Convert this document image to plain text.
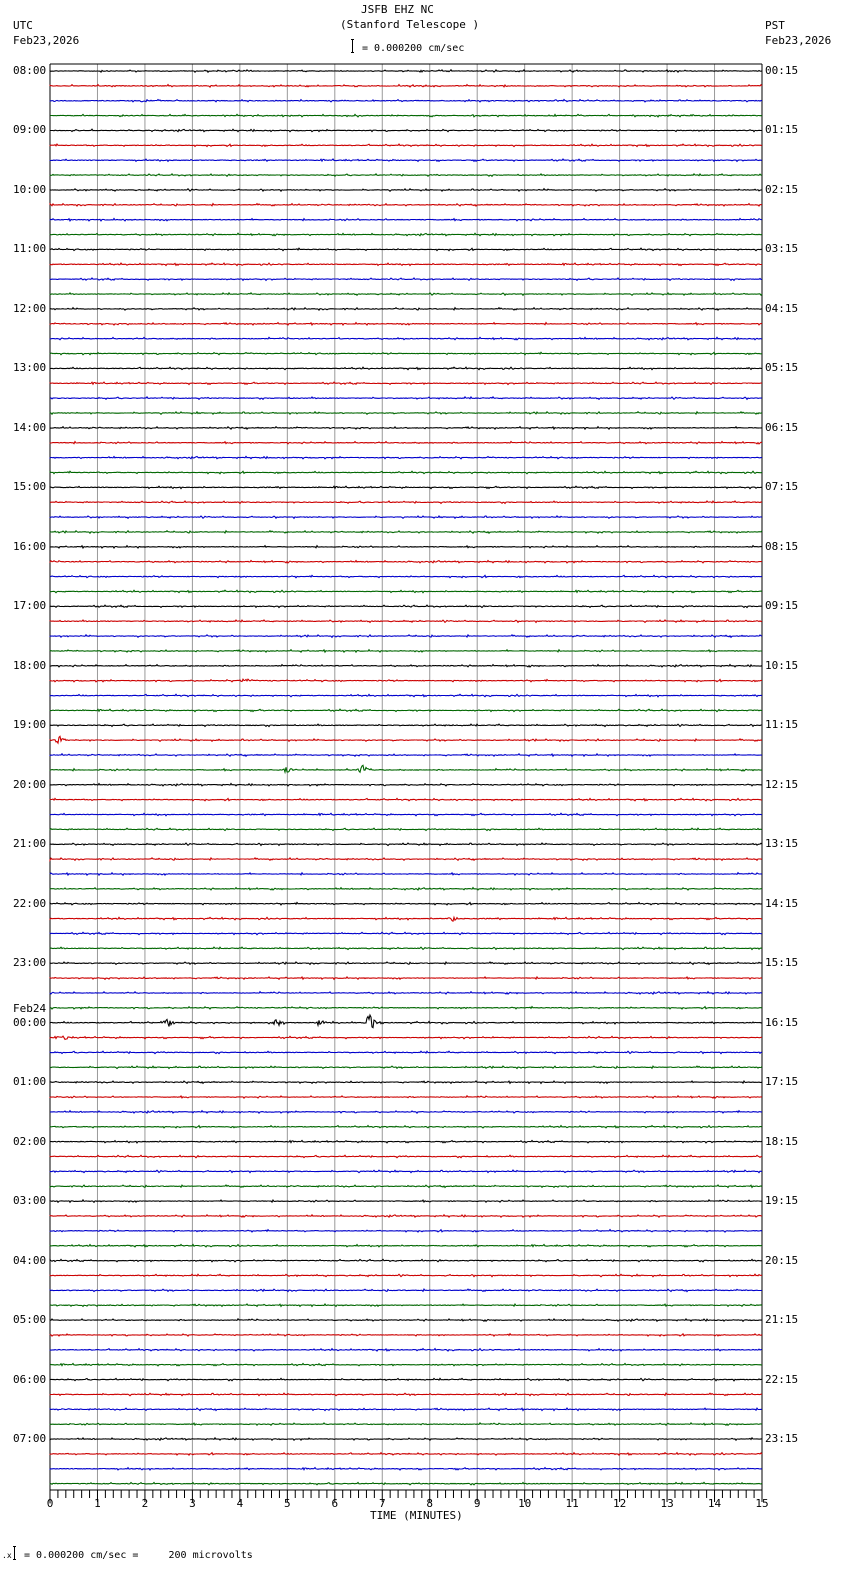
JSFB EHZ NC
(Stanford Telescope )
UTC
Feb23,2026
PST
Feb23,2026
= 0.000200 cm/sec
08:00
09:00
10:00
11:00
12:00
13:00
14:00
15:00
16:00
17:00
18:00
19:00
20:00
21:00
22:00
23:00
00:00
01:00
02:00
03:00
04:00
05:00
06:00
07:00
00:15
01:15
02:15
03:15
04:15
05:15
06:15
07:15
08:15
09:15
10:15
11:15
12:15
13:15
14:15
15:15
16:15
17:15
18:15
19:15
20:15
21:15
22:15
23:15
Feb24
0	1	2	3	4	5	6	7	8	9	10	11	12	13	14	15
TIME (MINUTES)
.x = 0.000200 cm/sec =     200 microvolts
